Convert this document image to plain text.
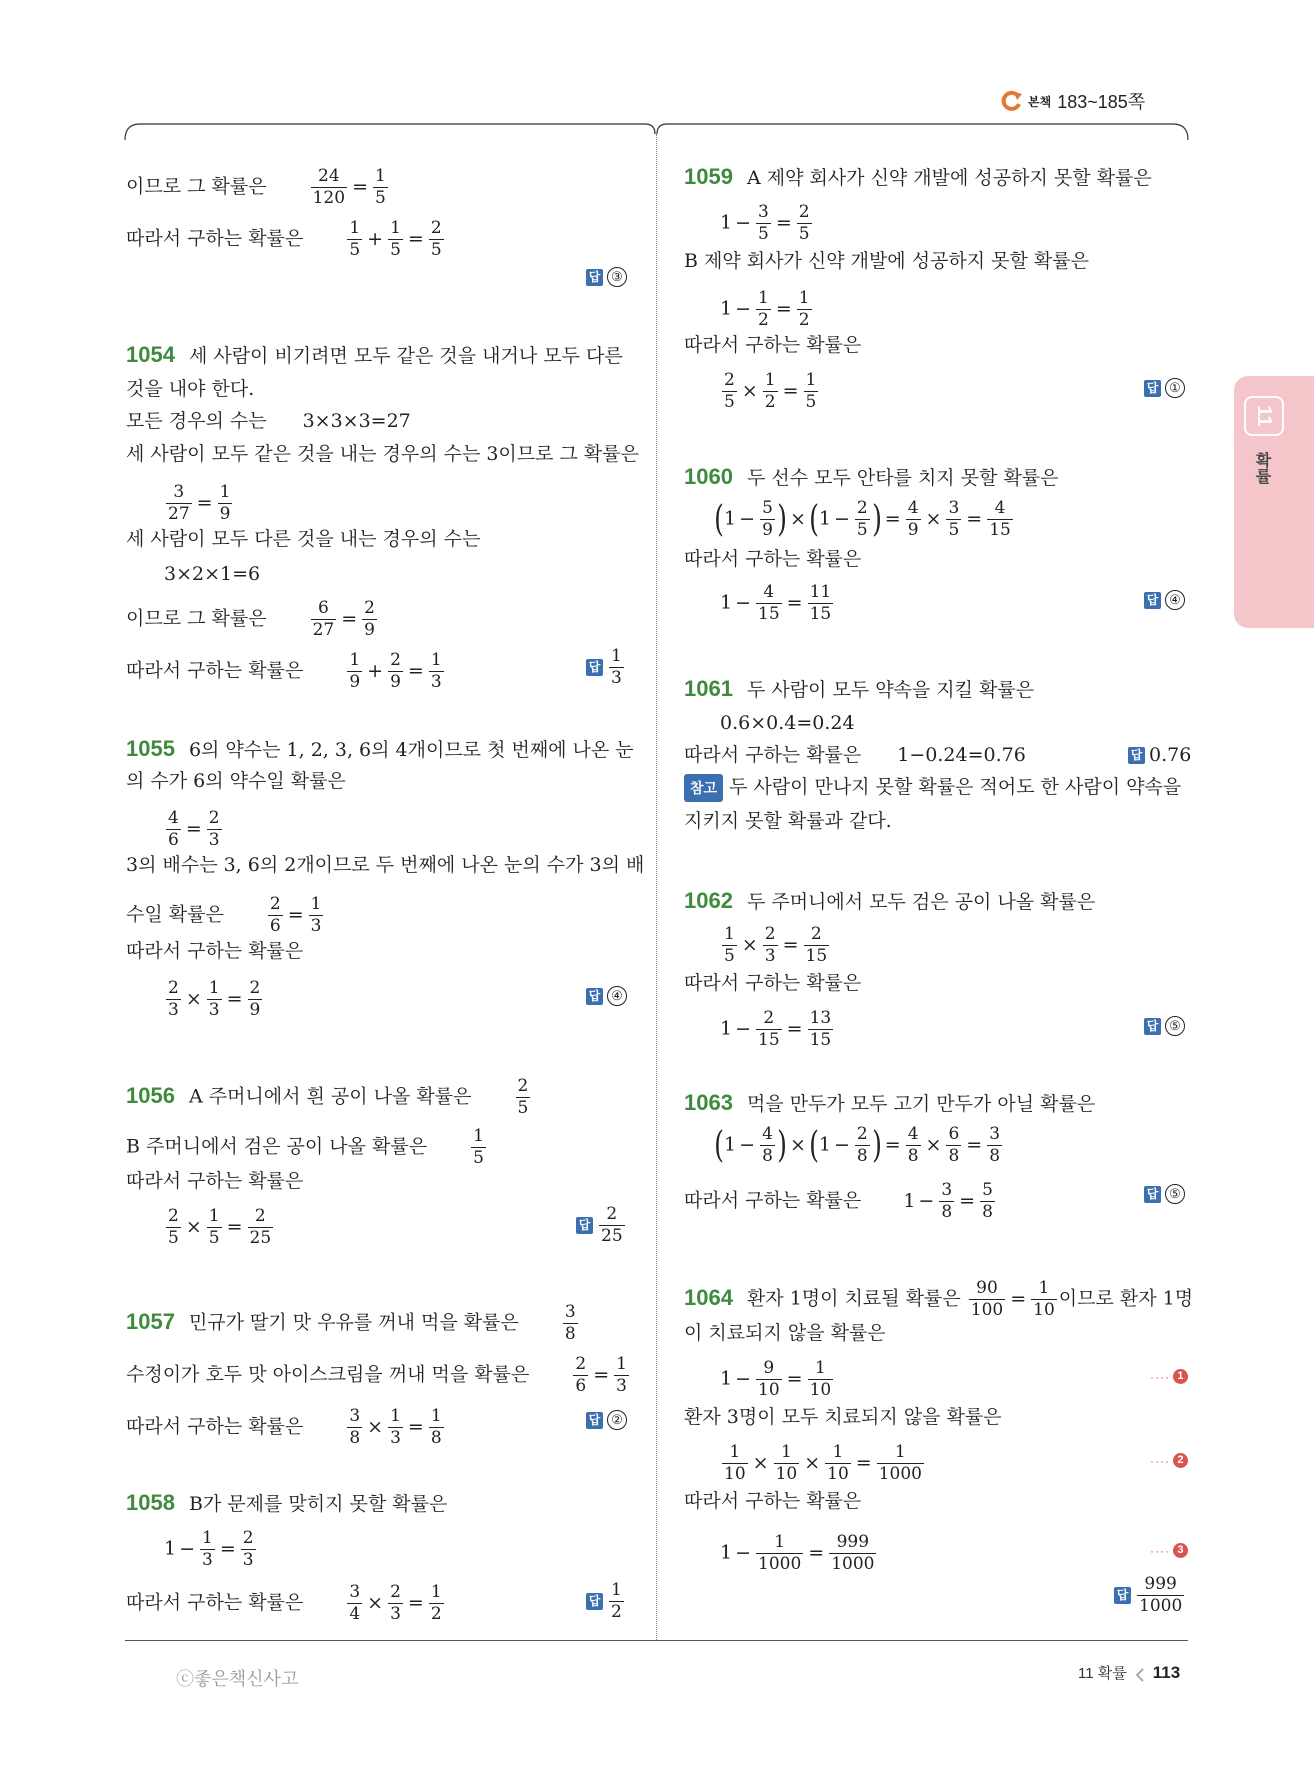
본책 183~185쪽
11
확률
이므로 그 확률은	$\frac{24}{120} = \frac{1}{5}$
따라서 구하는 확률은	$\frac{1}{5} + \frac{1}{5} = \frac{2}{5}$
답 ③
1054 세 사람이 비기려면 모두 같은 것을 내거나 모두 다른
것을 내야 한다.
모든 경우의 수는 3×3×3=27
세 사람이 모두 같은 것을 내는 경우의 수는 3이므로 그 확률은
$\frac{3}{27} = \frac{1}{9}$
세 사람이 모두 다른 것을 내는 경우의 수는
3×2×1=6
이므로 그 확률은	$\frac{6}{27} = \frac{2}{9}$
따라서 구하는 확률은	$\frac{1}{9} + \frac{2}{9} = \frac{1}{3}$	답 $\frac{1}{3}$
1055 6의 약수는 1, 2, 3, 6의 4개이므로 첫 번째에 나온 눈
의 수가 6의 약수일 확률은
$\frac{4}{6} = \frac{2}{3}$
3의 배수는 3, 6의 2개이므로 두 번째에 나온 눈의 수가 3의 배
수일 확률은	$\frac{2}{6} = \frac{1}{3}$
따라서 구하는 확률은
$\frac{2}{3} \times \frac{1}{3} = \frac{2}{9}$	답 ④
1056 A 주머니에서 흰 공이 나올 확률은	$\frac{2}{5}$
B 주머니에서 검은 공이 나올 확률은	$\frac{1}{5}$
따라서 구하는 확률은
$\frac{2}{5} \times \frac{1}{5} = \frac{2}{25}$	답 $\frac{2}{25}$
1057 민규가 딸기 맛 우유를 꺼내 먹을 확률은	$\frac{3}{8}$
수정이가 호두 맛 아이스크림을 꺼내 먹을 확률은	$\frac{2}{6} = \frac{1}{3}$
따라서 구하는 확률은	$\frac{3}{8} \times \frac{1}{3} = \frac{1}{8}$	답 ②
1058 B가 문제를 맞히지 못할 확률은
$1 - \frac{1}{3} = \frac{2}{3}$
따라서 구하는 확률은	$\frac{3}{4} \times \frac{2}{3} = \frac{1}{2}$	답 $\frac{1}{2}$
1059 A 제약 회사가 신약 개발에 성공하지 못할 확률은
$1 - \frac{3}{5} = \frac{2}{5}$
B 제약 회사가 신약 개발에 성공하지 못할 확률은
$1 - \frac{1}{2} = \frac{1}{2}$
따라서 구하는 확률은
$\frac{2}{5} \times \frac{1}{2} = \frac{1}{5}$	답 ①
1060 두 선수 모두 안타를 치지 못할 확률은
($1 - \frac{5}{9}$ ) $\times(1 - \frac{2}{5}$ ) = $\frac{4}{9} \times \frac{3}{5} = \frac{4}{15}$
따라서 구하는 확률은
$1 - \frac{4}{15} = \frac{11}{15}$	답 ④
1061 두 사람이 모두 약속을 지킬 확률은
0.6×0.4=0.24
따라서 구하는 확률은 1−0.24=0.76	답 0.76
참고 두 사람이 만나지 못할 확률은 적어도 한 사람이 약속을
지키지 못할 확률과 같다.
1062 두 주머니에서 모두 검은 공이 나올 확률은
$\frac{1}{5} \times \frac{2}{3} = \frac{2}{15}$
따라서 구하는 확률은
$1 - \frac{2}{15} = \frac{13}{15}$	답 ⑤
1063 먹을 만두가 모두 고기 만두가 아닐 확률은
($1 - \frac{4}{8}$ ) $\times(1 - \frac{2}{8}$ ) = $\frac{4}{8} \times \frac{6}{8} = \frac{3}{8}$
따라서 구하는 확률은 $1 - \frac{3}{8} = \frac{5}{8}$	답 ⑤
1064 환자 1명이 치료될 확률은 $\frac{90}{100} = \frac{1}{10}$ 이므로 환자 1명
이 치료되지 않을 확률은
$1 - \frac{9}{10} = \frac{1}{10}$	···· 1
환자 3명이 모두 치료되지 않을 확률은
$\frac{1}{10} \times \frac{1}{10} \times \frac{1}{10} = \frac{1}{1000}$	···· 2
따라서 구하는 확률은
$1 - \frac{1}{1000} = \frac{999}{1000}$	···· 3
답 $\frac{999}{1000}$
ⓒ좋은책신사고	11 확률 113
